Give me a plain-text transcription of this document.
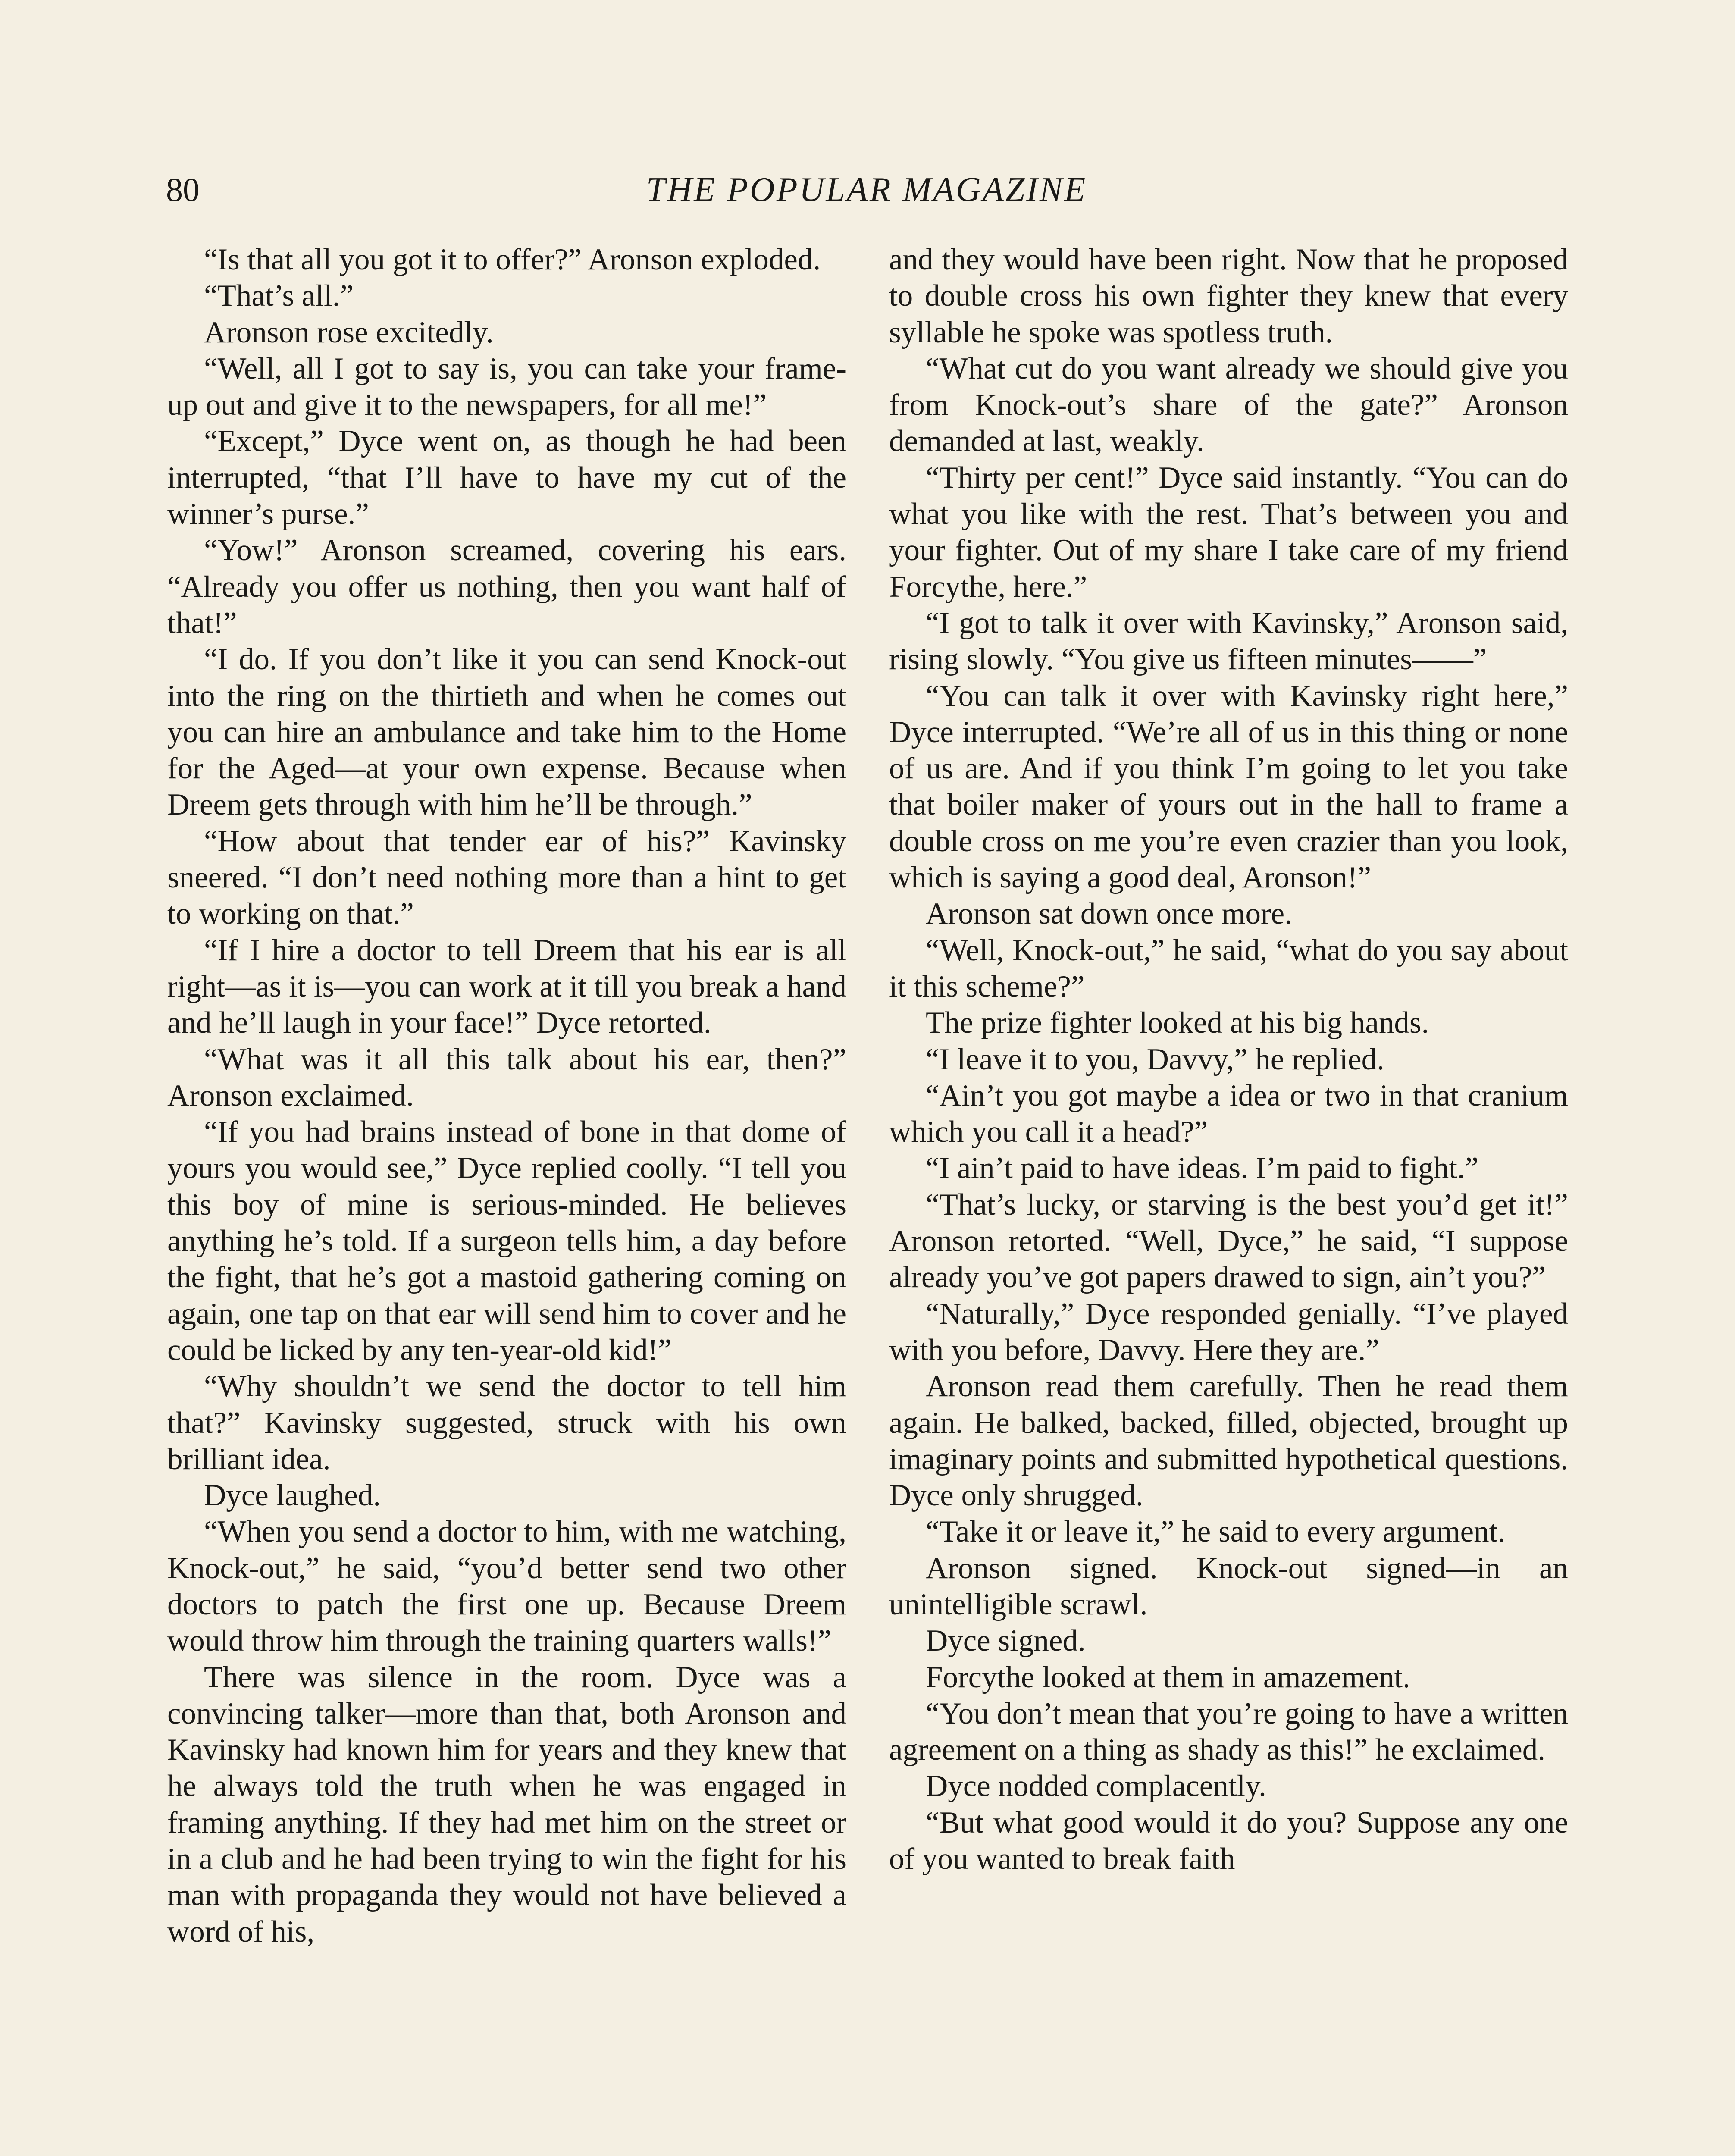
80	THE POPULAR MAGAZINE

“Is that all you got it to offer?” Aronson exploded.

“That’s all.”

Aronson rose excitedly.

“Well, all I got to say is, you can take your frame-up out and give it to the newspapers, for all me!”

“Except,” Dyce went on, as though he had been interrupted, “that I’ll have to have my cut of the winner’s purse.”

“Yow!” Aronson screamed, covering his ears. “Already you offer us nothing, then you want half of that!”

“I do. If you don’t like it you can send Knock-out into the ring on the thirtieth and when he comes out you can hire an ambulance and take him to the Home for the Aged—at your own expense. Because when Dreem gets through with him he’ll be through.”

“How about that tender ear of his?” Kavinsky sneered. “I don’t need nothing more than a hint to get to working on that.”

“If I hire a doctor to tell Dreem that his ear is all right—as it is—you can work at it till you break a hand and he’ll laugh in your face!” Dyce retorted.

“What was it all this talk about his ear, then?” Aronson exclaimed.

“If you had brains instead of bone in that dome of yours you would see,” Dyce replied coolly. “I tell you this boy of mine is serious-minded. He believes anything he’s told. If a surgeon tells him, a day before the fight, that he’s got a mastoid gathering coming on again, one tap on that ear will send him to cover and he could be licked by any ten-year-old kid!”

“Why shouldn’t we send the doctor to tell him that?” Kavinsky suggested, struck with his own brilliant idea.

Dyce laughed.

“When you send a doctor to him, with me watching, Knock-out,” he said, “you’d better send two other doctors to patch the first one up. Because Dreem would throw him through the training quarters walls!”

There was silence in the room. Dyce was a convincing talker—more than that, both Aronson and Kavinsky had known him for years and they knew that he always told the truth when he was engaged in framing anything. If they had met him on the street or in a club and he had been trying to win the fight for his man with propaganda they would not have believed a word of his,

and they would have been right. Now that he proposed to double cross his own fighter they knew that every syllable he spoke was spotless truth.

“What cut do you want already we should give you from Knock-out’s share of the gate?” Aronson demanded at last, weakly.

“Thirty per cent!” Dyce said instantly. “You can do what you like with the rest. That’s between you and your fighter. Out of my share I take care of my friend Forcythe, here.”

“I got to talk it over with Kavinsky,” Aronson said, rising slowly. “You give us fifteen minutes——”

“You can talk it over with Kavinsky right here,” Dyce interrupted. “We’re all of us in this thing or none of us are. And if you think I’m going to let you take that boiler maker of yours out in the hall to frame a double cross on me you’re even crazier than you look, which is saying a good deal, Aronson!”

Aronson sat down once more.

“Well, Knock-out,” he said, “what do you say about it this scheme?”

The prize fighter looked at his big hands.

“I leave it to you, Davvy,” he replied.

“Ain’t you got maybe a idea or two in that cranium which you call it a head?”

“I ain’t paid to have ideas. I’m paid to fight.”

“That’s lucky, or starving is the best you’d get it!” Aronson retorted. “Well, Dyce,” he said, “I suppose already you’ve got papers drawed to sign, ain’t you?”

“Naturally,” Dyce responded genially. “I’ve played with you before, Davvy. Here they are.”

Aronson read them carefully. Then he read them again. He balked, backed, filled, objected, brought up imaginary points and submitted hypothetical questions. Dyce only shrugged.

“Take it or leave it,” he said to every argument.

Aronson signed. Knock-out signed—in an unintelligible scrawl.

Dyce signed.

Forcythe looked at them in amazement.

“You don’t mean that you’re going to have a written agreement on a thing as shady as this!” he exclaimed.

Dyce nodded complacently.

“But what good would it do you? Suppose any one of you wanted to break faith
